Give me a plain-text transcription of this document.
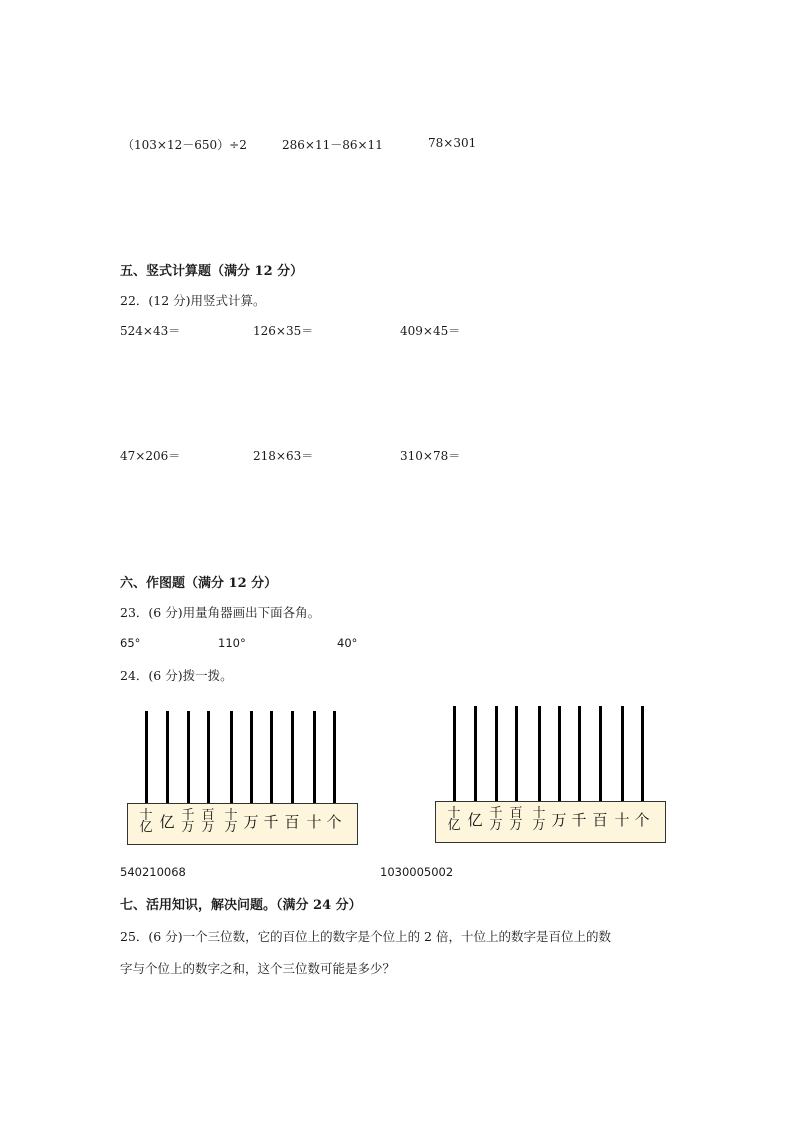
（103×12－650）÷2	286×11－86×11	78×301
五、竖式计算题（满分 12 分）
22．(12 分)用竖式计算。
524×43＝	126×35＝	409×45＝
47×206＝	218×63＝	310×78＝
六、作图题（满分 12 分）
23．(6 分)用量角器画出下面各角。
65°	110°	40°
24．(6 分)拨一拨。
十
亿 亿 千
万
百
万
十
万 万 千 百 十 个	十
亿 亿 千
万
百
万
十
万 万 千 百 十 个
540210068	1030005002
七、活用知识，解决问题。（满分 24 分）
25．(6 分)一个三位数，它的百位上的数字是个位上的 2 倍，十位上的数字是百位上的数
字与个位上的数字之和，这个三位数可能是多少？
